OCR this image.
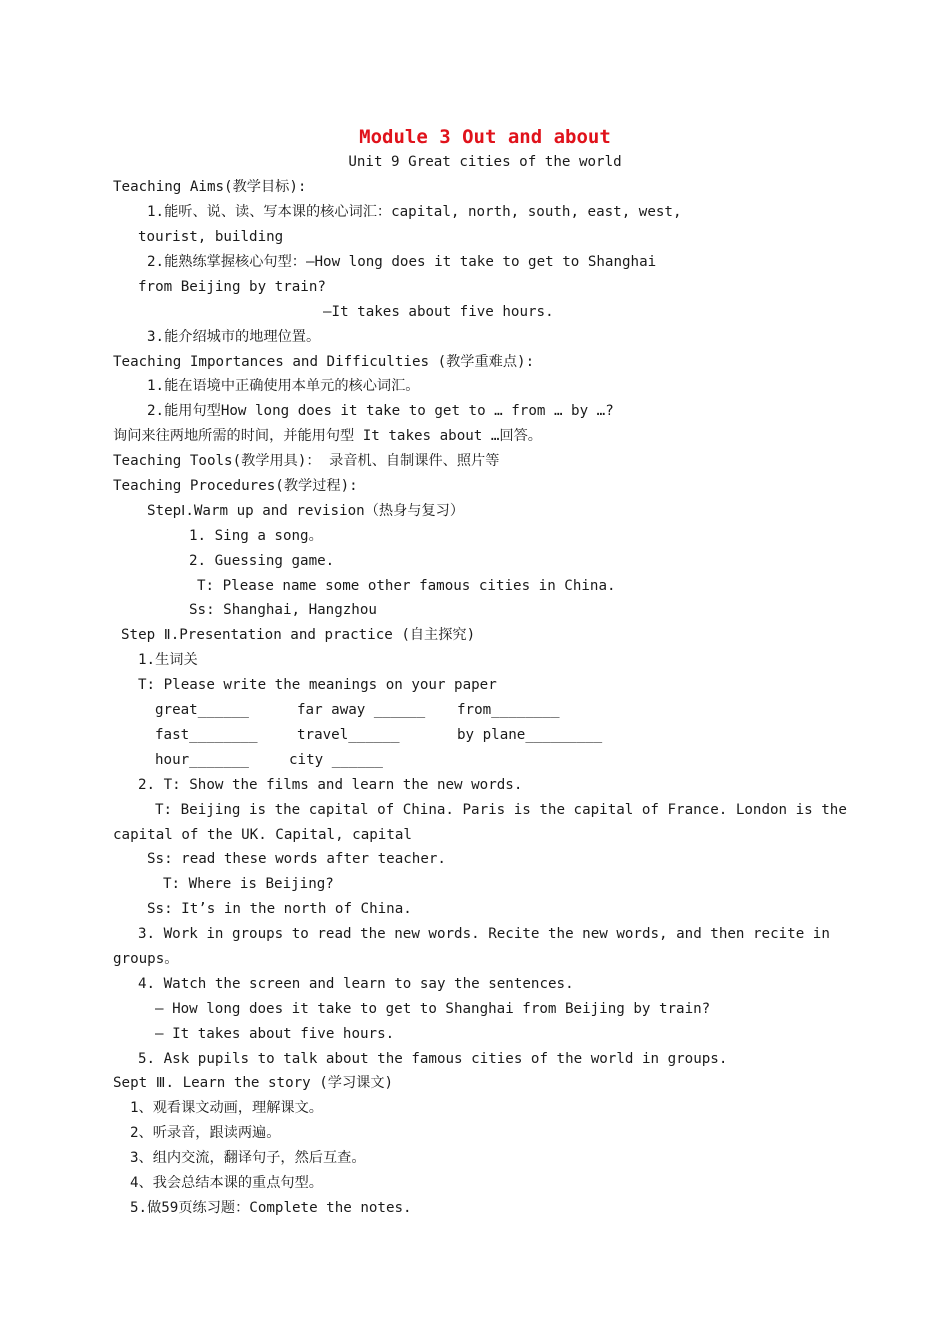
Module 3 Out and about
Unit 9 Great cities of the world
Teaching Aims(教学目标):
1.能听、说、读、写本课的核心词汇：capital, north, south, east, west,
tourist, building
2.能熟练掌握核心句型：—How long does it take to get to Shanghai
from Beijing by train?
—It takes about five hours.
3.能介绍城市的地理位置。
Teaching Importances and Difficulties (教学重难点):
1.能在语境中正确使用本单元的核心词汇。
2.能用句型How long does it take to get to … from … by …?
询问来往两地所需的时间，并能用句型 It takes about …回答。
Teaching Tools(教学用具)： 录音机、自制课件、照片等
Teaching Procedures(教学过程):
StepⅠ.Warm up and revision（热身与复习）
1. Sing a song。
2. Guessing game.
T: Please name some other famous cities in China.
Ss: Shanghai, Hangzhou
Step Ⅱ.Presentation and practice (自主探究)
1.生词关
T: Please write the meanings on your paper
great______	far away ______ from________
fast________	travel______	by plane_________
hour_______	city ______
2. T: Show the films and learn the new words.
T: Beijing is the capital of China. Paris is the capital of France. London is the
capital of the UK. Capital, capital
Ss: read these words after teacher.
T: Where is Beijing?
Ss: It’s in the north of China.
3. Work in groups to read the new words. Recite the new words, and then recite in
groups。
4. Watch the screen and learn to say the sentences.
— How long does it take to get to Shanghai from Beijing by train?
— It takes about five hours.
5. Ask pupils to talk about the famous cities of the world in groups.
Sept Ⅲ. Learn the story (学习课文)
1、观看课文动画，理解课文。
2、听录音，跟读两遍。
3、组内交流，翻译句子，然后互查。
4、我会总结本课的重点句型。
5.做59页练习题：Complete the notes.
